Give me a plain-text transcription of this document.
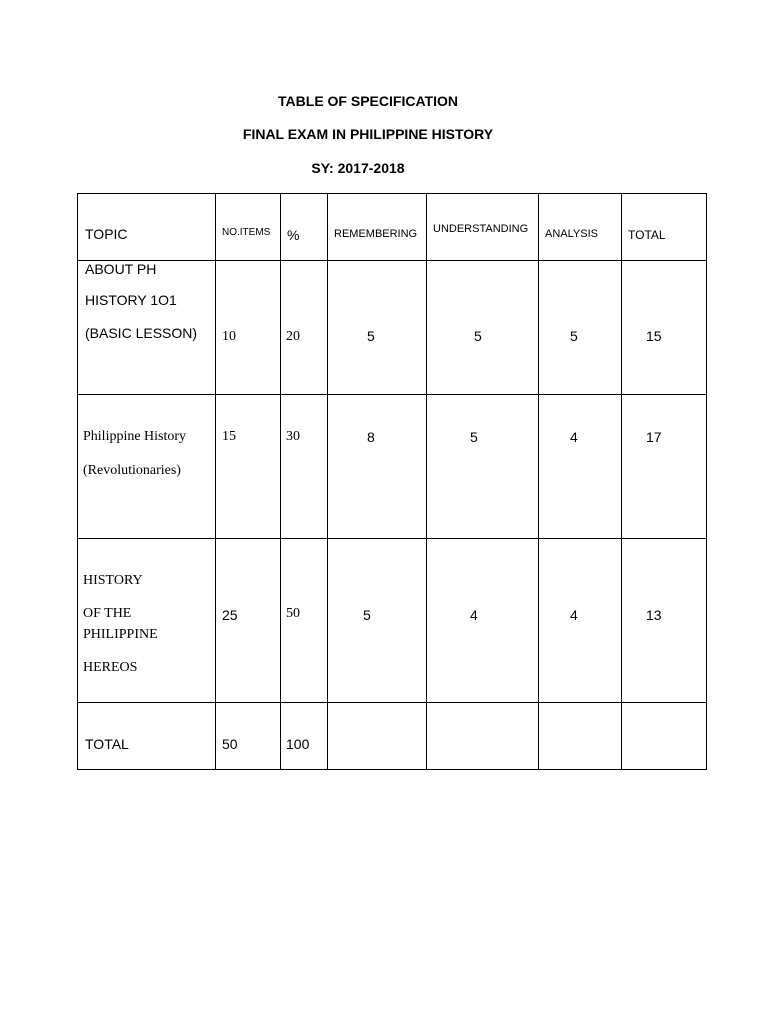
TABLE OF SPECIFICATION
FINAL EXAM IN PHILIPPINE HISTORY
SY: 2017-2018
TOPIC	NO.ITEMS	%	REMEMBERING	UNDERSTANDING	ANALYSIS	TOTAL

ABOUT PH
HISTORY 1O1
(BASIC LESSON)	10	20	5	5	5	15

Philippine History
(Revolutionaries)	15	30	8	5	4	17

HISTORY
OF THE
PHILIPPINE
HEREOS	25	50	5	4	4	13

TOTAL	50	100				
